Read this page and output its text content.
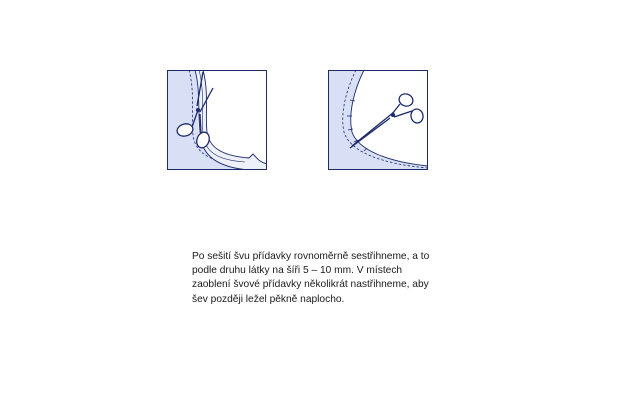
Po sešití švu přídavky rovnoměrně sestřihneme, a to
podle druhu látky na šíři 5 – 10 mm. V místech
zaoblení švové přídavky několikrát nastřihneme, aby
šev později ležel pěkně naplocho.
